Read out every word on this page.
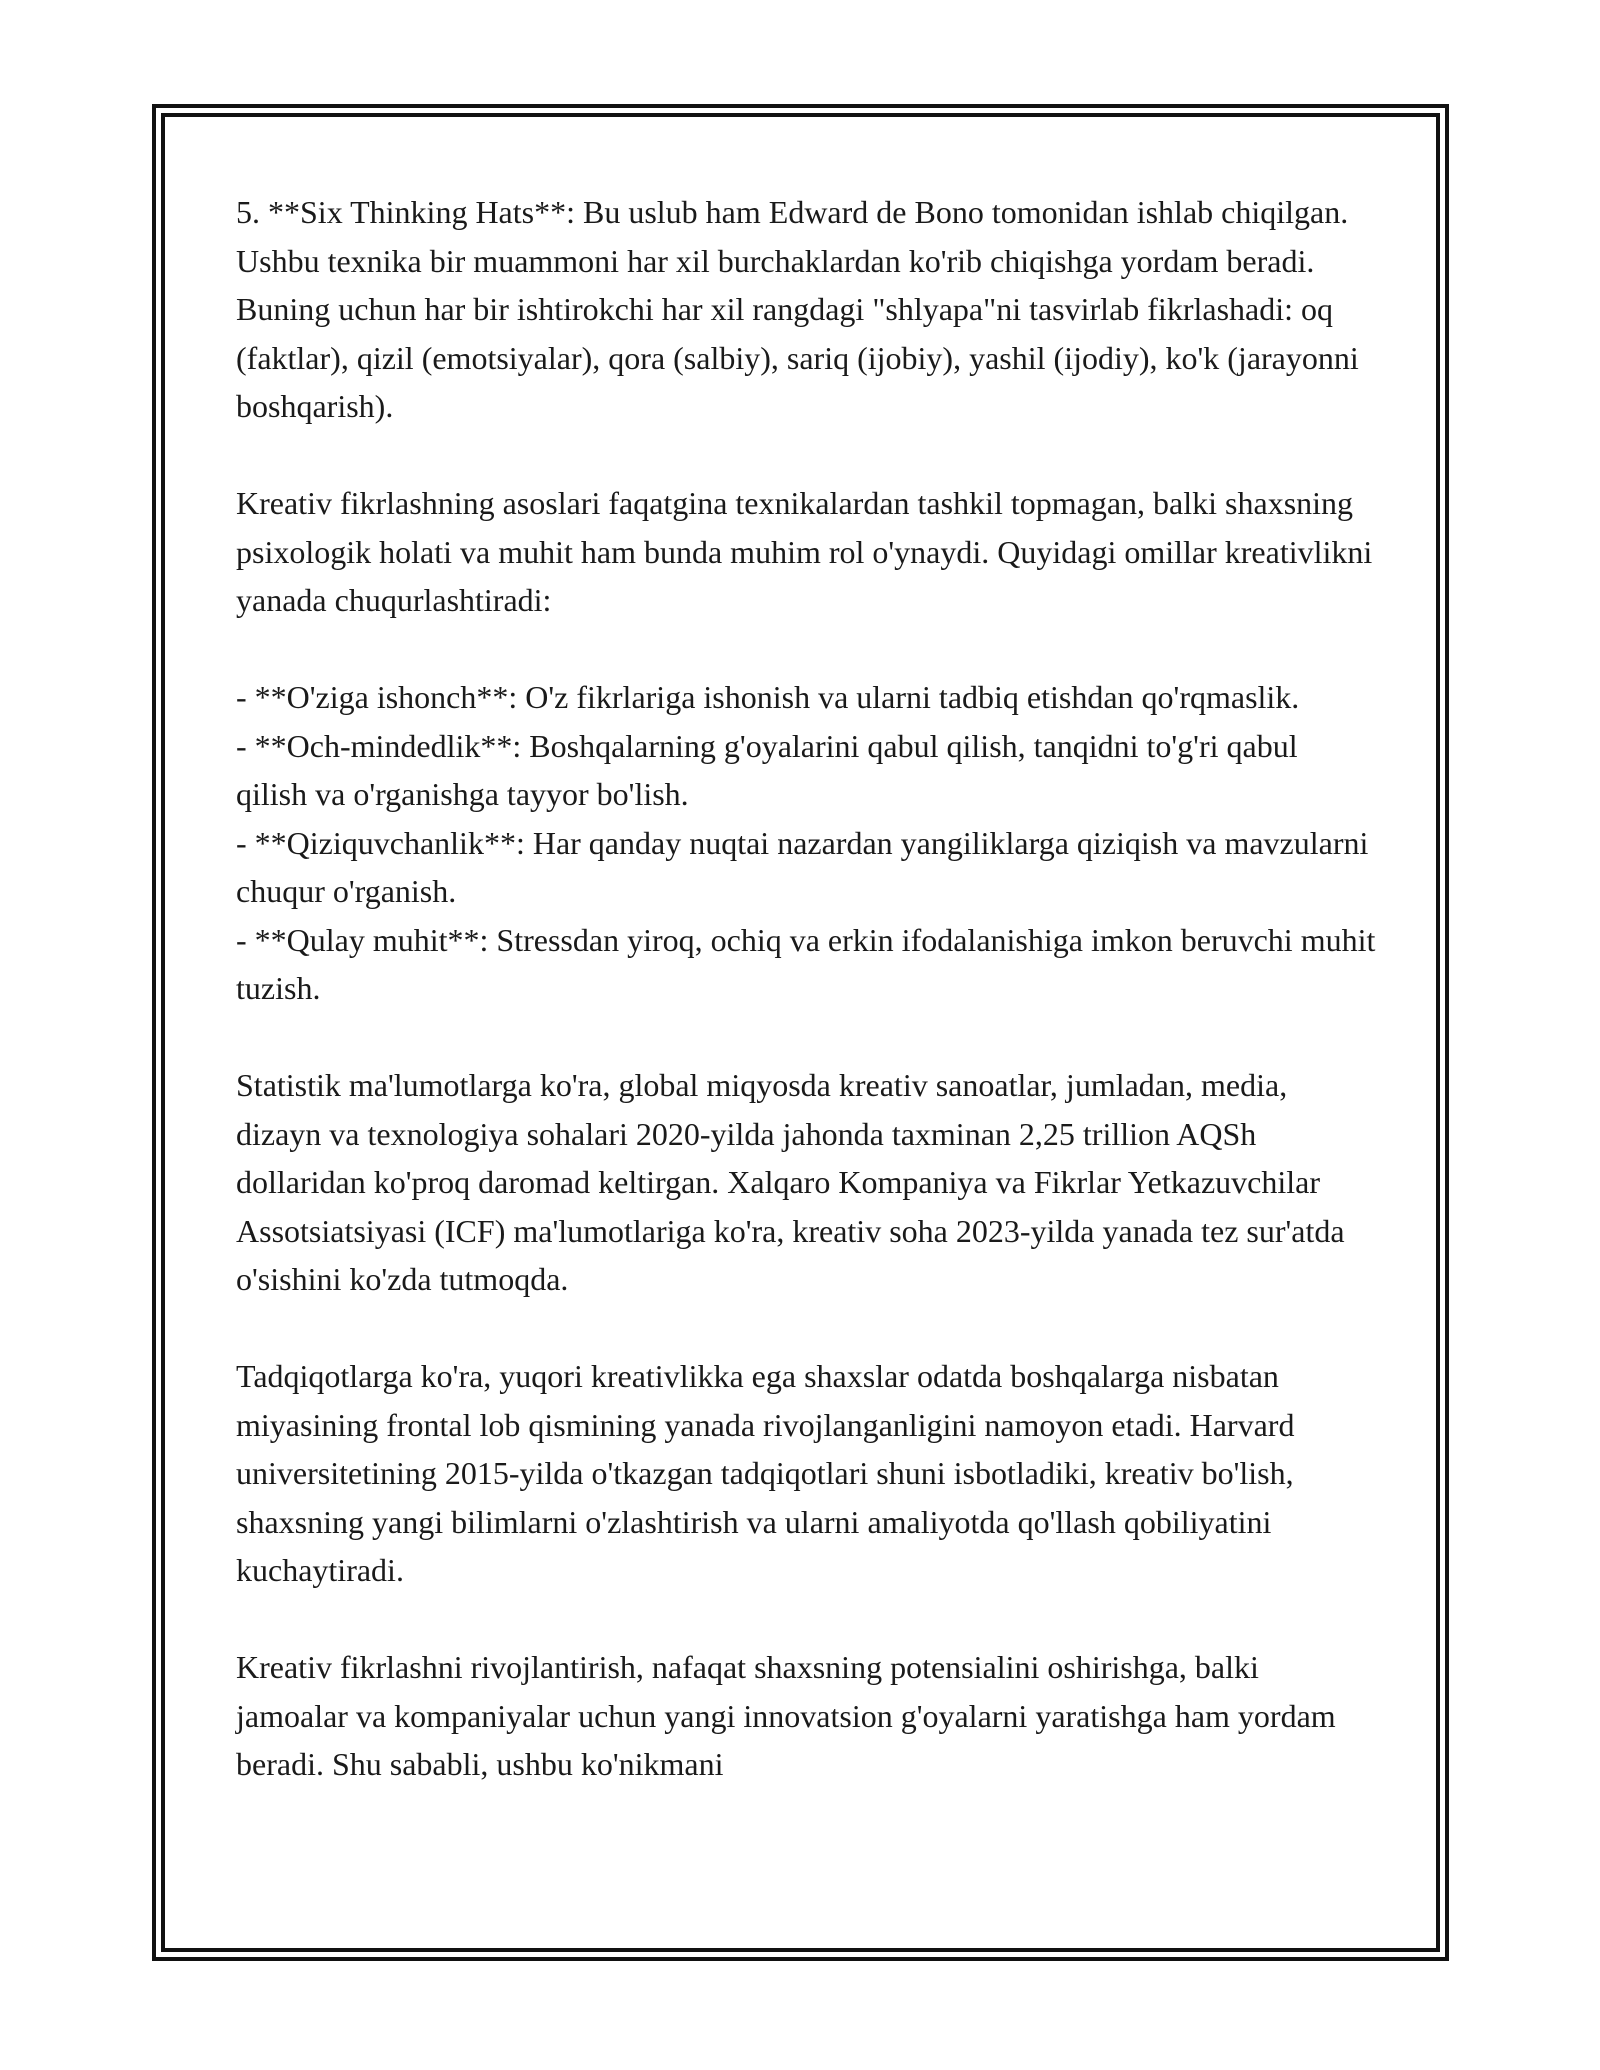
5. **Six Thinking Hats**: Bu uslub ham Edward de Bono tomonidan ishlab chiqilgan. Ushbu texnika bir muammoni har xil burchaklardan ko'rib chiqishga yordam beradi. Buning uchun har bir ishtirokchi har xil rangdagi "shlyapa"ni tasvirlab fikrlashadi: oq (faktlar), qizil (emotsiyalar), qora (salbiy), sariq (ijobiy), yashil (ijodiy), ko'k (jarayonni boshqarish).

Kreativ fikrlashning asoslari faqatgina texnikalardan tashkil topmagan, balki shaxsning psixologik holati va muhit ham bunda muhim rol o'ynaydi. Quyidagi omillar kreativlikni yanada chuqurlashtiradi:

- **O'ziga ishonch**: O'z fikrlariga ishonish va ularni tadbiq etishdan qo'rqmaslik.

- **Och-mindedlik**: Boshqalarning g'oyalarini qabul qilish, tanqidni to'g'ri qabul qilish va o'rganishga tayyor bo'lish.

- **Qiziquvchanlik**: Har qanday nuqtai nazardan yangiliklarga qiziqish va mavzularni chuqur o'rganish.

- **Qulay muhit**: Stressdan yiroq, ochiq va erkin ifodalanishiga imkon beruvchi muhit tuzish.

Statistik ma'lumotlarga ko'ra, global miqyosda kreativ sanoatlar, jumladan, media, dizayn va texnologiya sohalari 2020-yilda jahonda taxminan 2,25 trillion AQSh dollaridan ko'proq daromad keltirgan. Xalqaro Kompaniya va Fikrlar Yetkazuvchilar Assotsiatsiyasi (ICF) ma'lumotlariga ko'ra, kreativ soha 2023-yilda yanada tez sur'atda o'sishini ko'zda tutmoqda.

Tadqiqotlarga ko'ra, yuqori kreativlikka ega shaxslar odatda boshqalarga nisbatan miyasining frontal lob qismining yanada rivojlanganligini namoyon etadi. Harvard universitetining 2015-yilda o'tkazgan tadqiqotlari shuni isbotladiki, kreativ bo'lish, shaxsning yangi bilimlarni o'zlashtirish va ularni amaliyotda qo'llash qobiliyatini kuchaytiradi.

Kreativ fikrlashni rivojlantirish, nafaqat shaxsning potensialini oshirishga, balki jamoalar va kompaniyalar uchun yangi innovatsion g'oyalarni yaratishga ham yordam beradi. Shu sababli, ushbu ko'nikmani
